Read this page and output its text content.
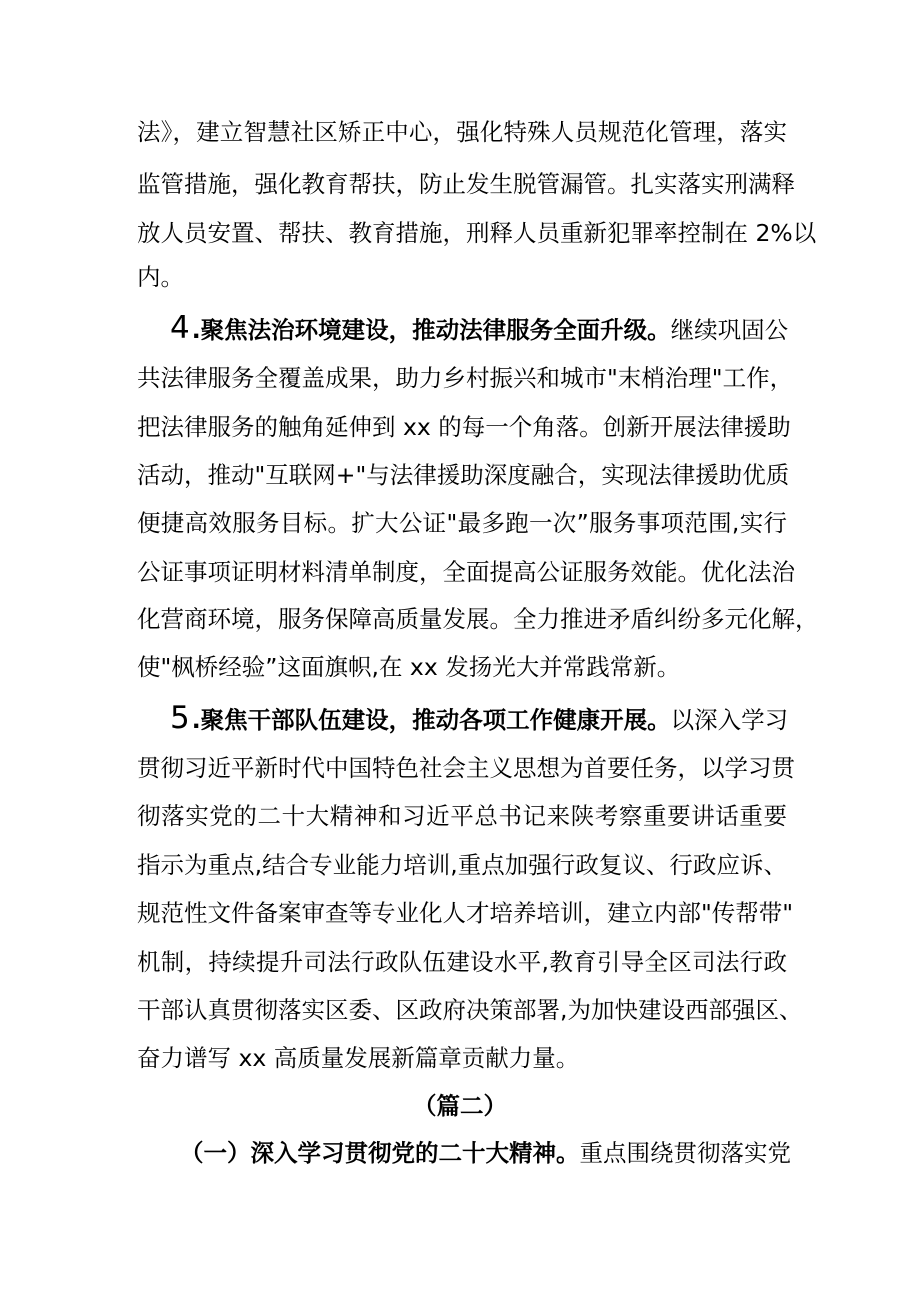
法》，建立智慧社区矫正中心，强化特殊人员规范化管理，落实
监管措施，强化教育帮扶，防止发生脱管漏管。扎实落实刑满释
放人员安置、帮扶、教育措施，刑释人员重新犯罪率控制在 2%以
内。
4.聚焦法治环境建设，推动法律服务全面升级。继续巩固公
共法律服务全覆盖成果，助力乡村振兴和城市"末梢治理"工作，
把法律服务的触角延伸到 xx 的每一个角落。创新开展法律援助
活动，推动"互联网+"与法律援助深度融合，实现法律援助优质
便捷高效服务目标。扩大公证"最多跑一次”服务事项范围,实行
公证事项证明材料清单制度，全面提高公证服务效能。优化法治
化营商环境，服务保障高质量发展。全力推进矛盾纠纷多元化解，
使"枫桥经验”这面旗帜,在 xx 发扬光大并常践常新。
5.聚焦干部队伍建设，推动各项工作健康开展。以深入学习
贯彻习近平新时代中国特色社会主义思想为首要任务，以学习贯
彻落实党的二十大精神和习近平总书记来陕考察重要讲话重要
指示为重点,结合专业能力培训,重点加强行政复议、行政应诉、
规范性文件备案审查等专业化人才培养培训，建立内部"传帮带"
机制，持续提升司法行政队伍建设水平,教育引导全区司法行政
干部认真贯彻落实区委、区政府决策部署,为加快建设西部强区、
奋力谱写 xx 高质量发展新篇章贡献力量。
（篇二）
（一）深入学习贯彻党的二十大精神。重点围绕贯彻落实党
